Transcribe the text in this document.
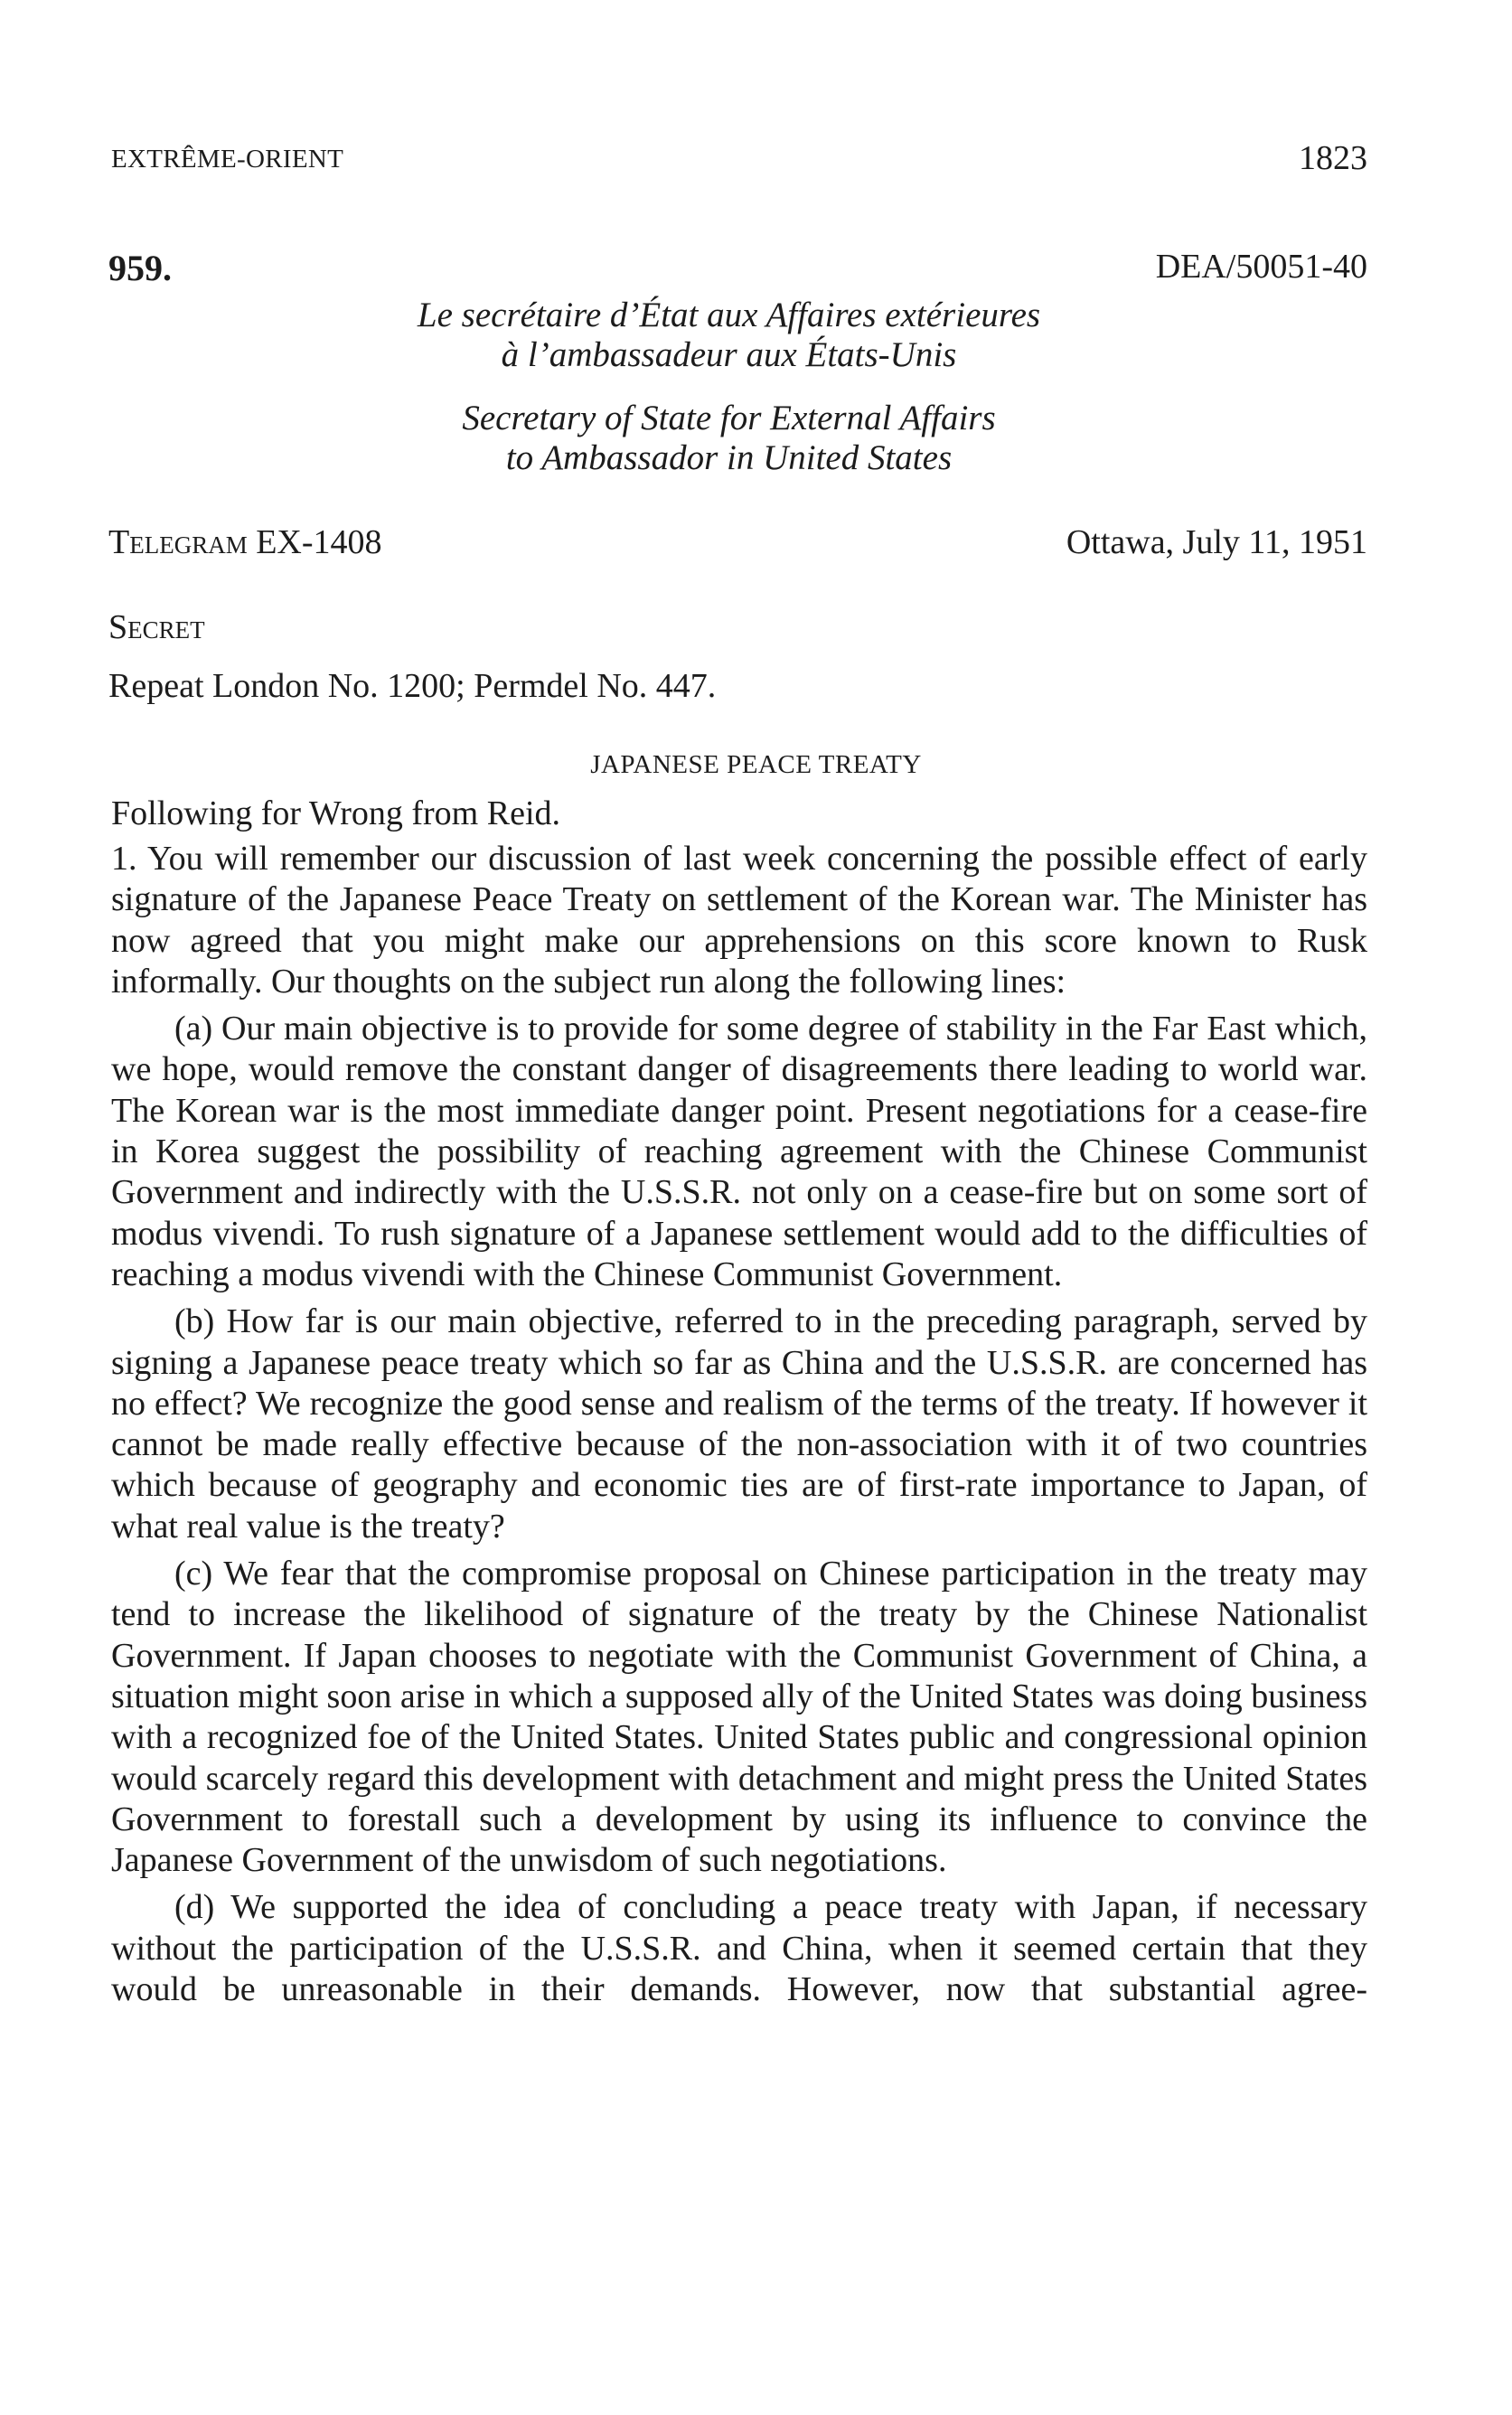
EXTRÊME-ORIENT	1823
959.	DEA/50051-40
Le secrétaire d’État aux Affaires extérieures
à l’ambassadeur aux États-Unis
Secretary of State for External Affairs
to Ambassador in United States
Telegram EX-1408	Ottawa, July 11, 1951
Secret
Repeat London No. 1200; Permdel No. 447.
JAPANESE PEACE TREATY
Following for Wrong from Reid.

1. You will remember our discussion of last week concerning the possible effect of early signature of the Japanese Peace Treaty on settlement of the Korean war. The Minister has now agreed that you might make our apprehensions on this score known to Rusk informally. Our thoughts on the subject run along the following lines:

(a) Our main objective is to provide for some degree of stability in the Far East which, we hope, would remove the constant danger of disagreements there leading to world war. The Korean war is the most immediate danger point. Present negotiations for a cease-fire in Korea suggest the possibility of reaching agreement with the Chinese Communist Government and indirectly with the U.S.S.R. not only on a cease-fire but on some sort of modus vivendi. To rush signature of a Japanese settlement would add to the difficulties of reaching a modus vivendi with the Chinese Communist Government.

(b) How far is our main objective, referred to in the preceding paragraph, served by signing a Japanese peace treaty which so far as China and the U.S.S.R. are concerned has no effect? We recognize the good sense and realism of the terms of the treaty. If however it cannot be made really effective because of the non-association with it of two countries which because of geography and economic ties are of first-rate importance to Japan, of what real value is the treaty?

(c) We fear that the compromise proposal on Chinese participation in the treaty may tend to increase the likelihood of signature of the treaty by the Chinese Nationalist Government. If Japan chooses to negotiate with the Communist Government of China, a situation might soon arise in which a supposed ally of the United States was doing business with a recognized foe of the United States. United States public and congressional opinion would scarcely regard this development with detachment and might press the United States Government to forestall such a development by using its influence to convince the Japanese Government of the unwisdom of such negotiations.

(d) We supported the idea of concluding a peace treaty with Japan, if necessary without the participation of the U.S.S.R. and China, when it seemed certain that they would be unreasonable in their demands. However, now that substantial agree-
